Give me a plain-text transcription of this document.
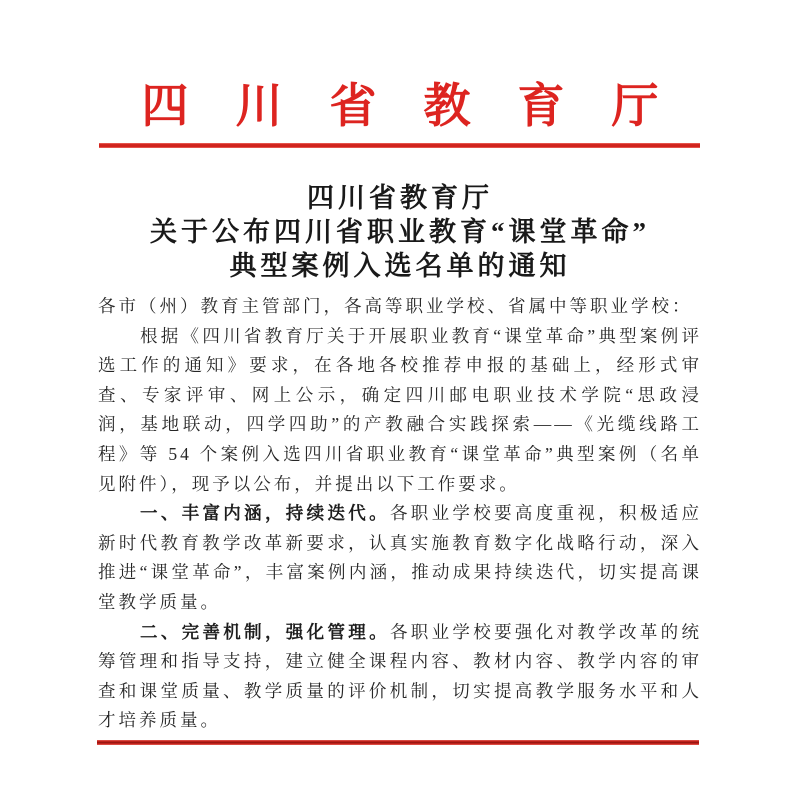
四川省教育厅
四川省教育厅
关于公布四川省职业教育“课堂革命”
典型案例入选名单的通知

各市（州）教育主管部门，各高等职业学校、省属中等职业学校：

根据《四川省教育厅关于开展职业教育“课堂革命”典型案例评选工作的通知》要求，在各地各校推荐申报的基础上，经形式审查、专家评审、网上公示，确定四川邮电职业技术学院“思政浸润，基地联动，四学四助”的产教融合实践探索——《光缆线路工程》等 54 个案例入选四川省职业教育“课堂革命”典型案例（名单见附件），现予以公布，并提出以下工作要求。

一、丰富内涵，持续迭代。各职业学校要高度重视，积极适应新时代教育教学改革新要求，认真实施教育数字化战略行动，深入推进“课堂革命”，丰富案例内涵，推动成果持续迭代，切实提高课堂教学质量。

二、完善机制，强化管理。各职业学校要强化对教学改革的统筹管理和指导支持，建立健全课程内容、教材内容、教学内容的审查和课堂质量、教学质量的评价机制，切实提高教学服务水平和人才培养质量。
